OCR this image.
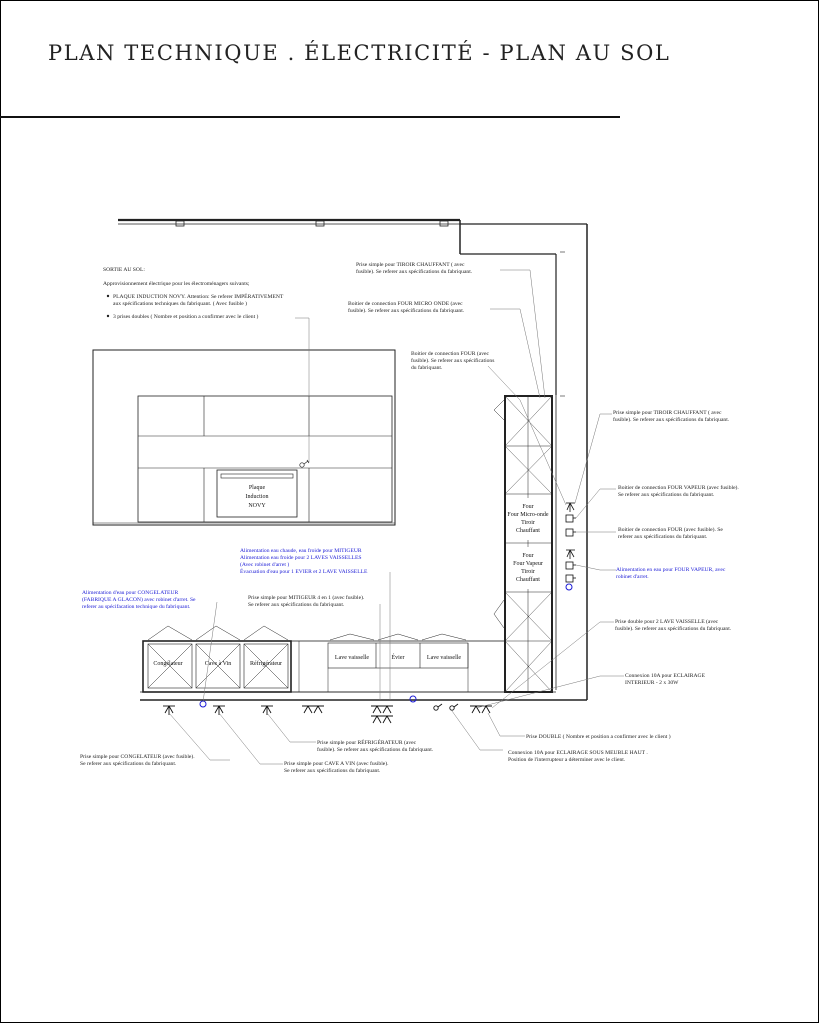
PLAN TECHNIQUE . ÉLECTRICITÉ - PLAN AU SOL
Plaque
Induction
NOVY
Congélateur	Cave à Vin	Réfrigérateur
Lave vaisselle	Évier	Lave vaisselle
Four
Four Micro-onde
Tiroir
Chauffant
Four
Four Vapeur
Tiroir
Chauffant
SORTIE AU SOL:
Approvisionnement électrique pour les électroménagers suivants;
PLAQUE INDUCTION NOVY. Attention: Se referer IMPÉRATIVEMENT
aux spécifications techniques du fabriquant. ( Avec fusible )
3 prises doubles ( Nombre et position a confirmer avec le client )
Prise simple pour TIROIR CHAUFFANT ( avec
fusible). Se referer aux spécifications du fabriquant.
Boitier de connection FOUR MICRO ONDE (avec
fusible). Se referer aux spécifications du fabriquant.
Boitier de connection FOUR (avec
fusible). Se referer aux spécifications
du fabriquant.
Prise simple pour TIROIR CHAUFFANT ( avec
fusible). Se referer aux spécifications du fabriquant.
Boitier de connection FOUR VAPEUR (avec fusible).
Se referer aux spécifications du fabriquant.
Boitier de connection FOUR (avec fusible). Se
referer aux spécifications du fabriquant.
Alimentation en eau pour FOUR VAPEUR, avec
robinet d'arret.
Prise double pour 2 LAVE VAISSELLE (avec
fusible). Se referer aux spécifications du fabriquant.
Connexion 10A pour ECLAIRAGE
INTERIEUR - 2 x 30W
Prise DOUBLE ( Nombre et position a confirmer avec le client )
Connexion 10A pour ECLAIRAGE SOUS MEUBLE HAUT .
Position de l'interrupteur a déterminer avec le client.
Alimentation eau chaude, eau froide pour MITIGEUR
Alimentation eau froide pour 2 LAVES VAISSELLES
(Avec robinet d'arret )
Évacuation d'eau pour 1 EVIER et 2 LAVE VAISSELLE
Prise simple pour MITIGEUR 4 en 1 (avec fusible).
Se referer aux spécifications du fabriquant.
Alimentation d'eau pour CONGELATEUR
(FABRIQUE A GLACON) avec robinet d'arret. Se
referer au spécifacation technique du fabriquant.
Prise simple pour CONGELATEUR (avec fusible).
Se referer aux spécifications du fabriquant.
Prise simple pour RÉFRIGÉRATEUR (avec
fusible). Se referer aux spécifications du fabriquant.
Prise simple pour CAVE A VIN (avec fusible).
Se referer aux spécifications du fabriquant.
